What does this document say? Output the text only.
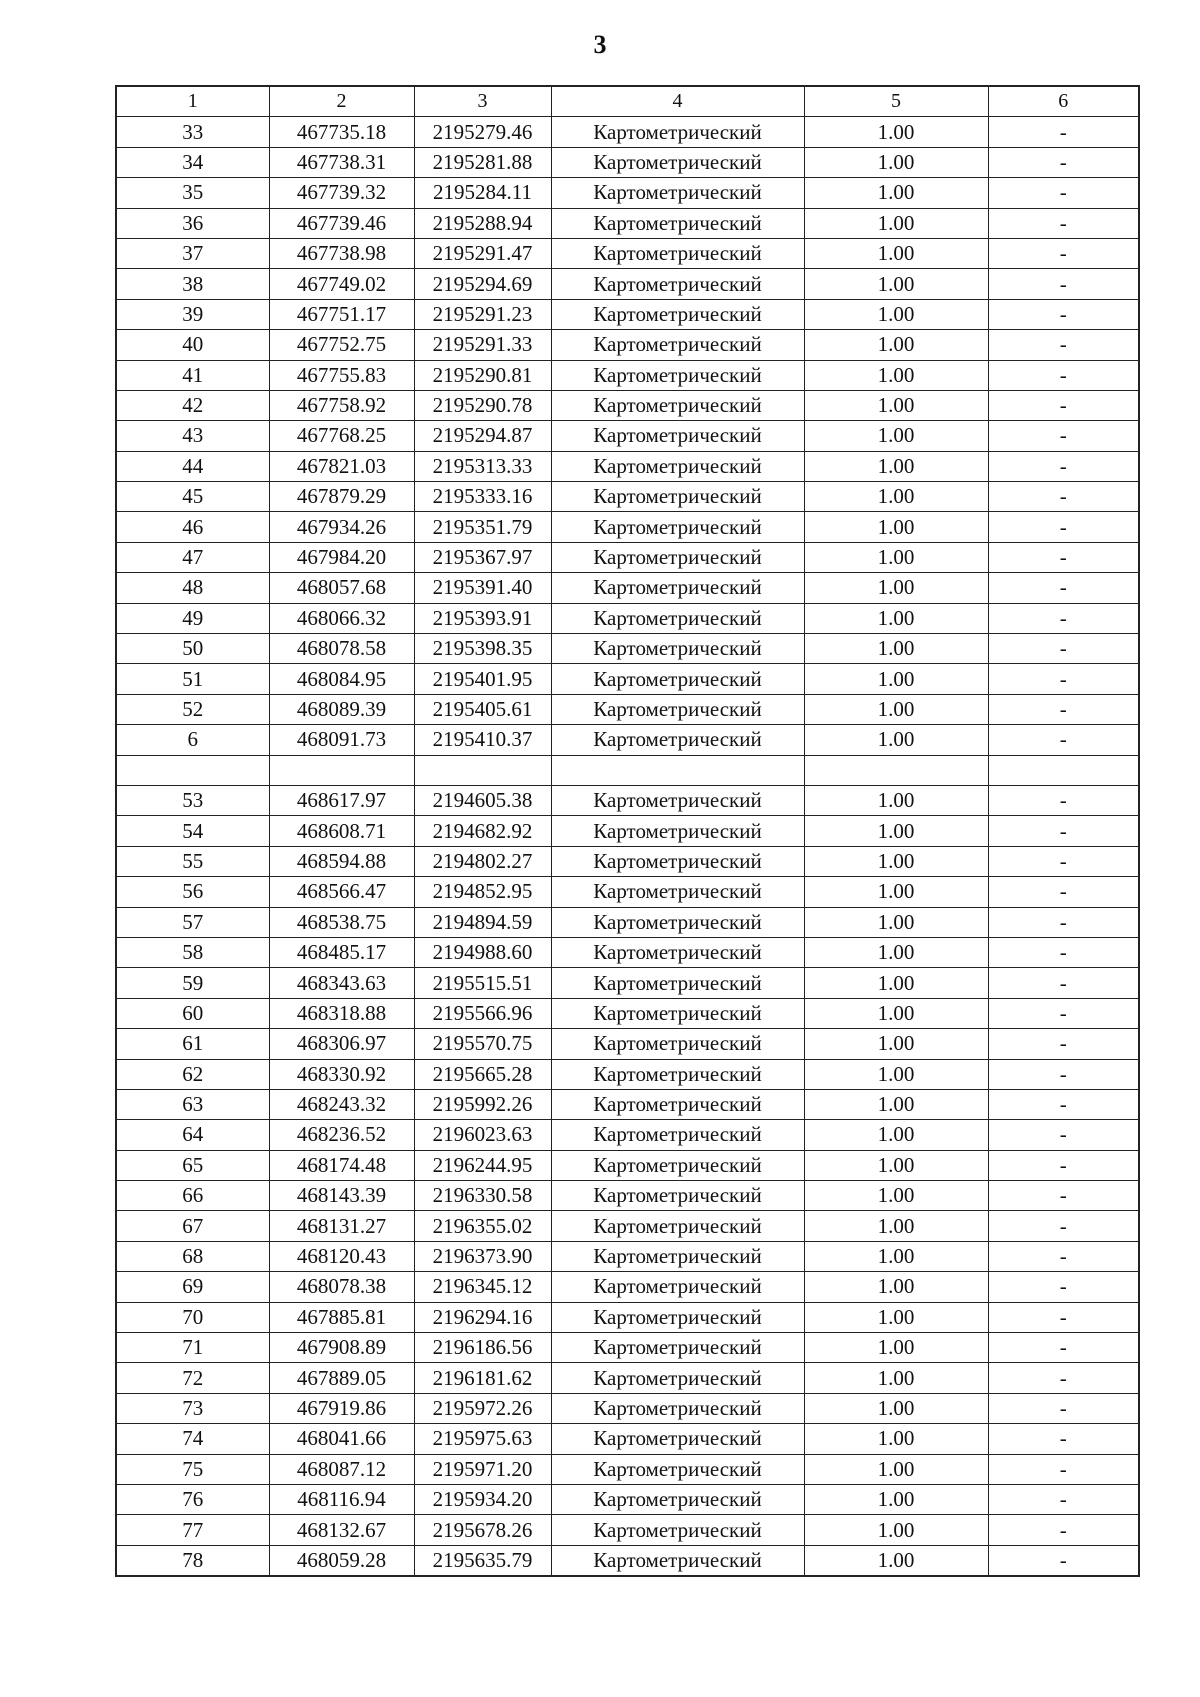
3
1	2	3	4	5	6
33	467735.18	2195279.46	Картометрический	1.00	-
34	467738.31	2195281.88	Картометрический	1.00	-
35	467739.32	2195284.11	Картометрический	1.00	-
36	467739.46	2195288.94	Картометрический	1.00	-
37	467738.98	2195291.47	Картометрический	1.00	-
38	467749.02	2195294.69	Картометрический	1.00	-
39	467751.17	2195291.23	Картометрический	1.00	-
40	467752.75	2195291.33	Картометрический	1.00	-
41	467755.83	2195290.81	Картометрический	1.00	-
42	467758.92	2195290.78	Картометрический	1.00	-
43	467768.25	2195294.87	Картометрический	1.00	-
44	467821.03	2195313.33	Картометрический	1.00	-
45	467879.29	2195333.16	Картометрический	1.00	-
46	467934.26	2195351.79	Картометрический	1.00	-
47	467984.20	2195367.97	Картометрический	1.00	-
48	468057.68	2195391.40	Картометрический	1.00	-
49	468066.32	2195393.91	Картометрический	1.00	-
50	468078.58	2195398.35	Картометрический	1.00	-
51	468084.95	2195401.95	Картометрический	1.00	-
52	468089.39	2195405.61	Картометрический	1.00	-
6	468091.73	2195410.37	Картометрический	1.00	-

53	468617.97	2194605.38	Картометрический	1.00	-
54	468608.71	2194682.92	Картометрический	1.00	-
55	468594.88	2194802.27	Картометрический	1.00	-
56	468566.47	2194852.95	Картометрический	1.00	-
57	468538.75	2194894.59	Картометрический	1.00	-
58	468485.17	2194988.60	Картометрический	1.00	-
59	468343.63	2195515.51	Картометрический	1.00	-
60	468318.88	2195566.96	Картометрический	1.00	-
61	468306.97	2195570.75	Картометрический	1.00	-
62	468330.92	2195665.28	Картометрический	1.00	-
63	468243.32	2195992.26	Картометрический	1.00	-
64	468236.52	2196023.63	Картометрический	1.00	-
65	468174.48	2196244.95	Картометрический	1.00	-
66	468143.39	2196330.58	Картометрический	1.00	-
67	468131.27	2196355.02	Картометрический	1.00	-
68	468120.43	2196373.90	Картометрический	1.00	-
69	468078.38	2196345.12	Картометрический	1.00	-
70	467885.81	2196294.16	Картометрический	1.00	-
71	467908.89	2196186.56	Картометрический	1.00	-
72	467889.05	2196181.62	Картометрический	1.00	-
73	467919.86	2195972.26	Картометрический	1.00	-
74	468041.66	2195975.63	Картометрический	1.00	-
75	468087.12	2195971.20	Картометрический	1.00	-
76	468116.94	2195934.20	Картометрический	1.00	-
77	468132.67	2195678.26	Картометрический	1.00	-
78	468059.28	2195635.79	Картометрический	1.00	-
